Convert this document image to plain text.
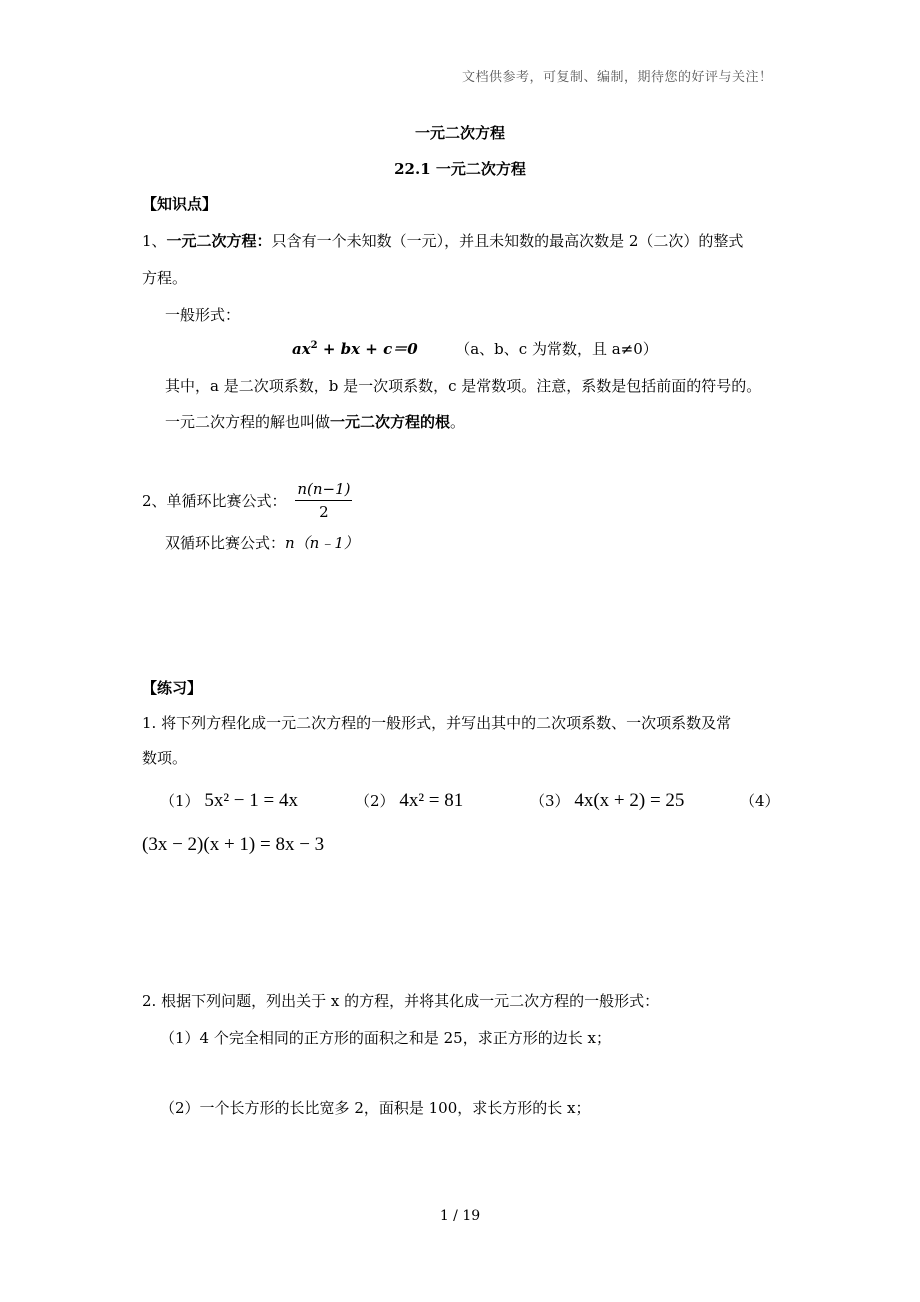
文档供参考，可复制、编制，期待您的好评与关注！
一元二次方程
22.1 一元二次方程
【知识点】
1、一元二次方程：只含有一个未知数（一元），并且未知数的最高次数是 2（二次）的整式
方程。
一般形式：
$ax^2$ + bx + c＝0	（a、b、c 为常数，且 a≠0）
其中，a 是二次项系数，b 是一次项系数，c 是常数项。注意，系数是包括前面的符号的。
一元二次方程的解也叫做一元二次方程的根。
2、单循环比赛公式： $\frac{n(n-1)}{2}$
双循环比赛公式：n（n﹣1）
【练习】
1. 将下列方程化成一元二次方程的一般形式，并写出其中的二次项系数、一次项系数及常
数项。
（1） 5x² − 1 = 4x	（2） 4x² = 81	（3） 4x(x + 2) = 25	（4）
(3x − 2)(x + 1) = 8x − 3
2. 根据下列问题，列出关于 x 的方程，并将其化成一元二次方程的一般形式：
（1）4 个完全相同的正方形的面积之和是 25，求正方形的边长 x；
（2）一个长方形的长比宽多 2，面积是 100，求长方形的长 x；
1 / 19
